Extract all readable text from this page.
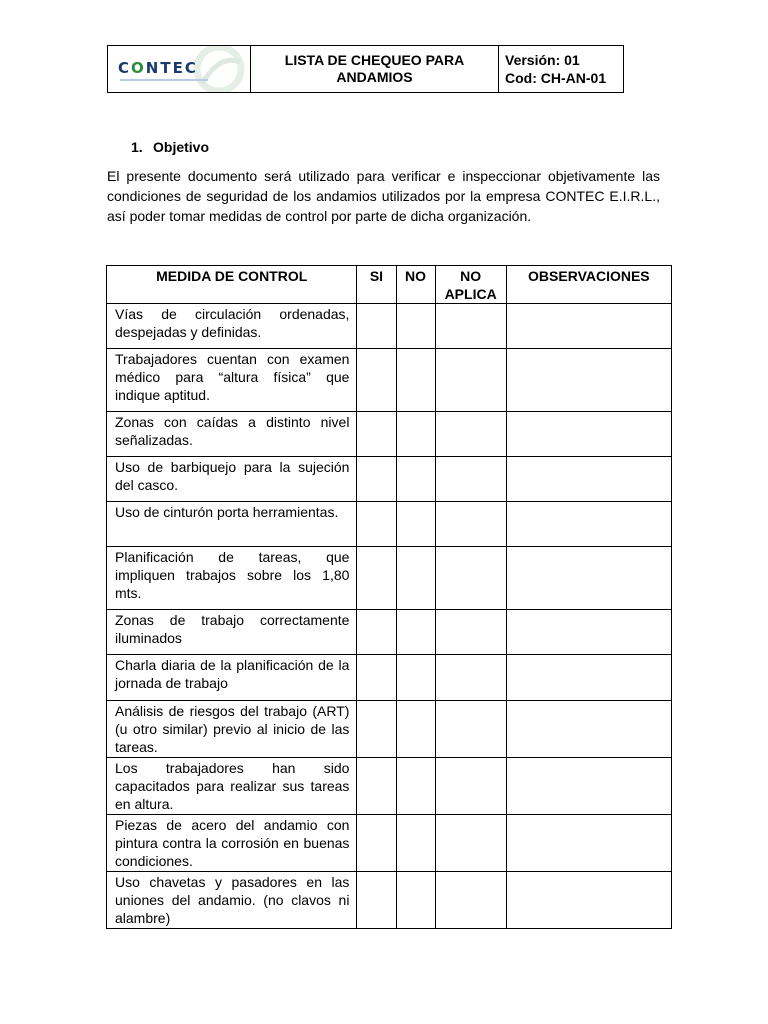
CONTEC	LISTA DE CHEQUEO PARA ANDAMIOS	
Versión: 01
Cod: CH-AN-01
1. Objetivo

El presente documento será utilizado para verificar e inspeccionar objetivamente las condiciones de seguridad de los andamios utilizados por la empresa CONTEC E.I.R.L., así poder tomar medidas de control por parte de dicha organización.

MEDIDA DE CONTROL	SI	NO	NO APLICA	OBSERVACIONES
Vías de circulación ordenadas, despejadas y definidas.				
Trabajadores cuentan con examen médico para “altura física” que indique aptitud.				
Zonas con caídas a distinto nivel señalizadas.				
Uso de barbiquejo para la sujeción del casco.				
Uso de cinturón porta herramientas.				
Planificación de tareas, que impliquen trabajos sobre los 1,80 mts.				
Zonas de trabajo correctamente iluminados				
Charla diaria de la planificación de la jornada de trabajo				
Análisis de riesgos del trabajo (ART) (u otro similar) previo al inicio de las tareas.				
Los trabajadores han sido capacitados para realizar sus tareas en altura.				
Piezas de acero del andamio con pintura contra la corrosión en buenas condiciones.				
Uso chavetas y pasadores en las uniones del andamio. (no clavos ni alambre)				
